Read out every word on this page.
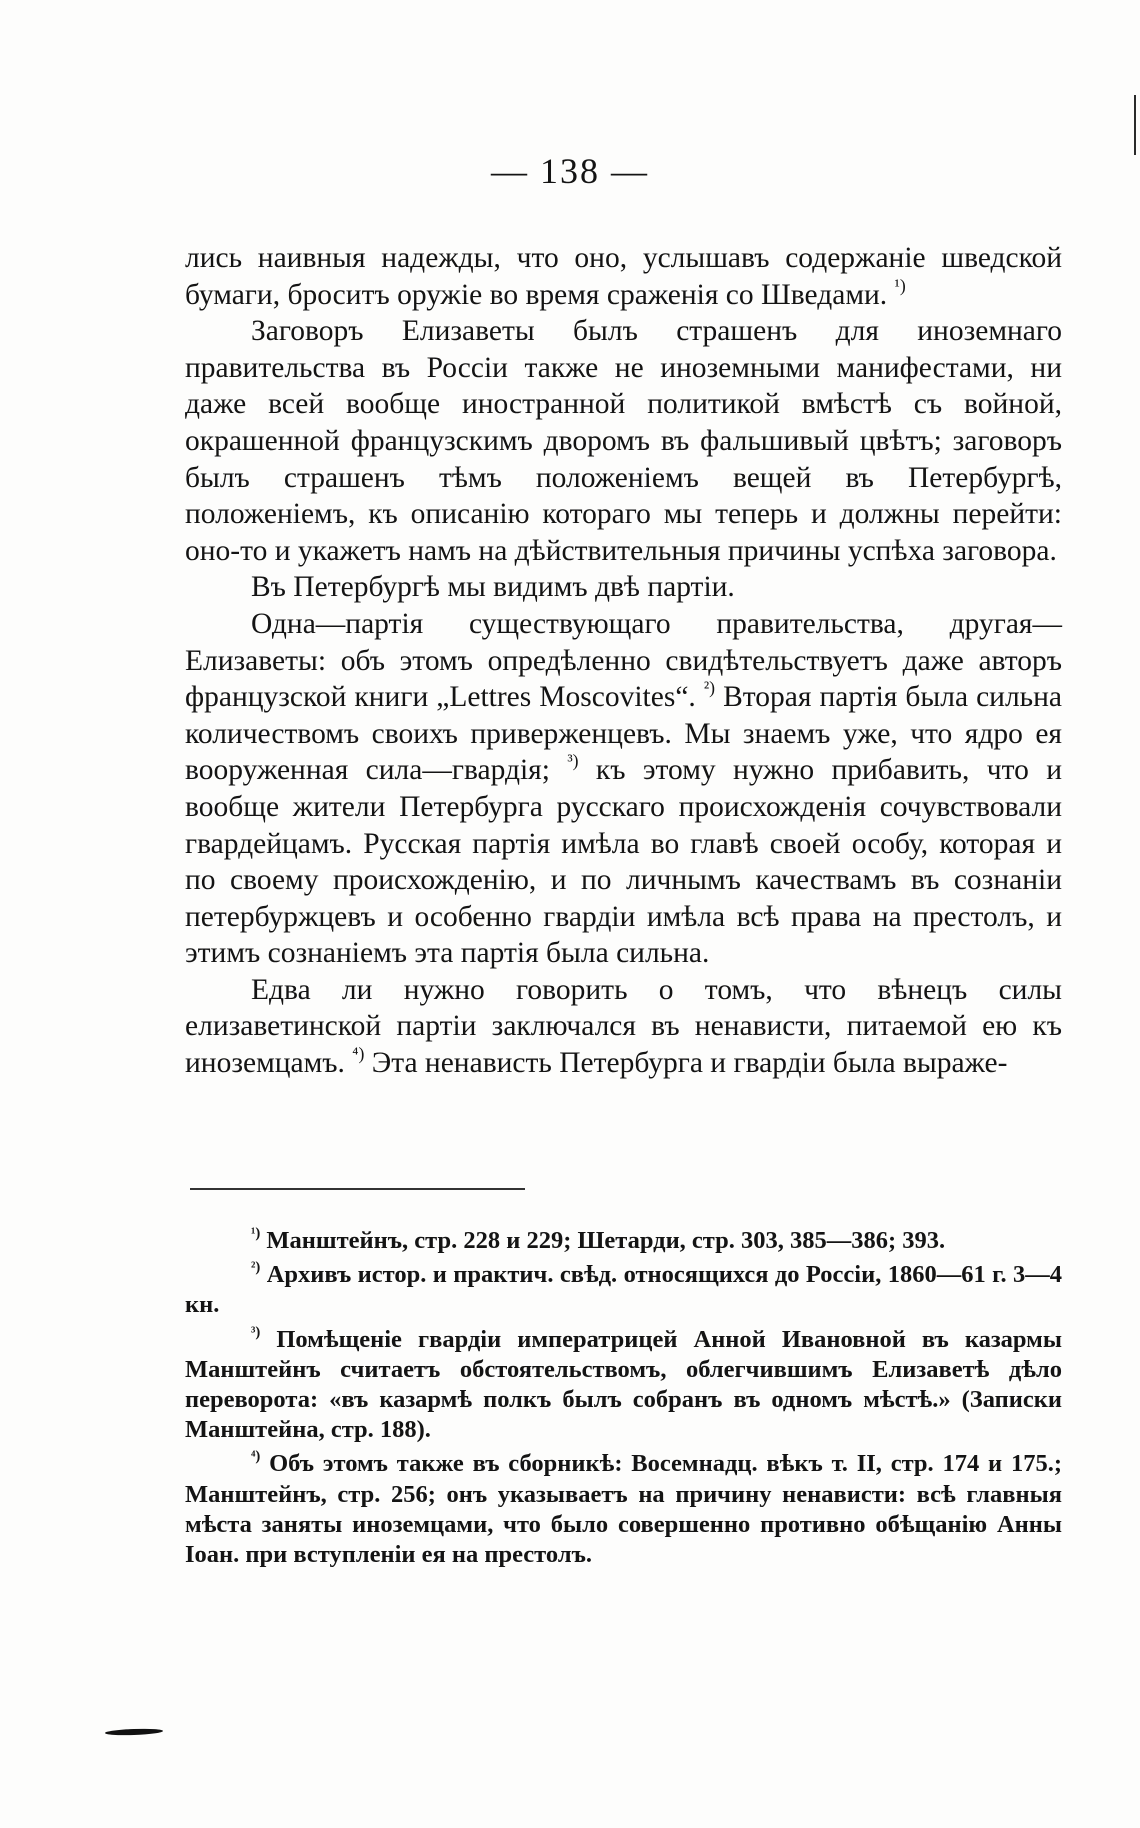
— 138 —

лись наивныя надежды, что оно, услышавъ содержанiе шведской бумаги, броситъ оружiе во время сраженiя со Шведами. $^{^1)}$

Заговоръ Елизаветы былъ страшенъ для иноземнаго правительства въ Россiи также не иноземными манифестами, ни даже всей вообще иностранной политикой вмѣстѣ съ войной, окрашенной французскимъ дворомъ въ фальшивый цвѣтъ; заговоръ былъ страшенъ тѣмъ положенiемъ вещей въ Петербургѣ, положенiемъ, къ описанiю котораго мы теперь и должны перейти: оно-то и укажетъ намъ на дѣйствительныя причины успѣха заговора.

Въ Петербургѣ мы видимъ двѣ партiи.

Одна—партiя существующаго правительства, другая—Елизаветы: объ этомъ опредѣленно свидѣтельствуетъ даже авторъ французской книги „Lettres Moscovites“. $^{^2)}$ Вторая партiя была сильна количествомъ своихъ приверженцевъ. Мы знаемъ уже, что ядро ея вооруженная сила—гвардiя; $^{^3)}$ къ этому нужно прибавить, что и вообще жители Петербурга русскаго происхожденiя сочувствовали гвардейцамъ. Русская партiя имѣла во главѣ своей особу, которая и по своему происхожденiю, и по личнымъ качествамъ въ сознанiи петербуржцевъ и особенно гвардiи имѣла всѣ права на престолъ, и этимъ сознанiемъ эта партiя была сильна.

Едва ли нужно говорить о томъ, что вѣнецъ силы елизаветинской партiи заключался въ ненависти, питаемой ею къ иноземцамъ. $^{^4)}$ Эта ненависть Петербурга и гвардiи была выраже-

$^{^1)}$ Манштейнъ, стр. 228 и 229; Шетарди, стр. 303, 385—386; 393.

$^{^2)}$ Архивъ истор. и практич. свѣд. относящихся до Россiи, 1860—61 г. 3—4 кн.

$^{^3)}$ Помѣщенiе гвардiи императрицей Анной Ивановной въ казармы Манштейнъ считаетъ обстоятельствомъ, облегчившимъ Елизаветѣ дѣло переворота: «въ казармѣ полкъ былъ собранъ въ одномъ мѣстѣ.» (Записки Манштейна, стр. 188).

$^{^4)}$ Объ этомъ также въ сборникѣ: Восемнадц. вѣкъ т. II, стр. 174 и 175.; Манштейнъ, стр. 256; онъ указываетъ на причину ненависти: всѣ главныя мѣста заняты иноземцами, что было совершенно противно обѣщанiю Анны Iоан. при вступленiи ея на престолъ.
